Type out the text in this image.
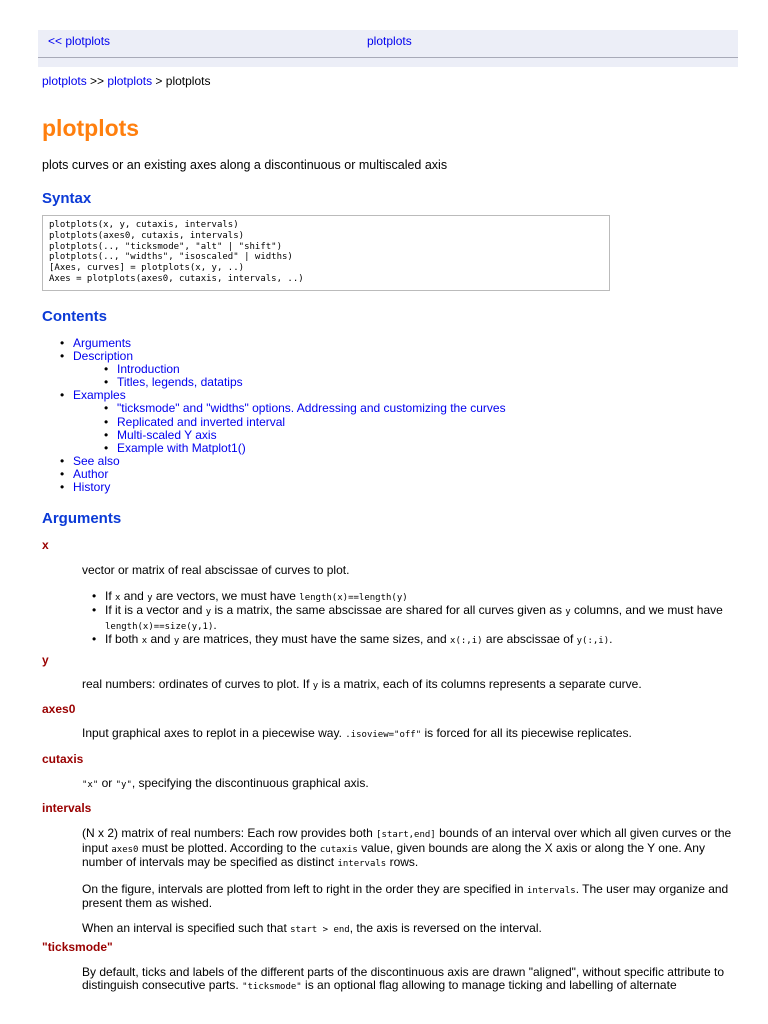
<< plotplots	plotplots
plotplots >> plotplots > plotplots
plotplots
plots curves or an existing axes along a discontinuous or multiscaled axis
Syntax
plotplots(x, y, cutaxis, intervals)
plotplots(axes0, cutaxis, intervals)
plotplots(.., "ticksmode", "alt" | "shift")
plotplots(.., "widths", "isoscaled" | widths)
[Axes, curves] = plotplots(x, y, ..)
Axes = plotplots(axes0, cutaxis, intervals, ..)
Contents
• Arguments
• Description
• Introduction
• Titles, legends, datatips
• Examples
• "ticksmode" and "widths" options. Addressing and customizing the curves
• Replicated and inverted interval
• Multi-scaled Y axis
• Example with Matplot1()
• See also
• Author
• History
Arguments
x

vector or matrix of real abscissae of curves to plot.

• If x and y are vectors, we must have length(x)==length(y)
• If it is a vector and y is a matrix, the same abscissae are shared for all curves given as y columns, and we must have length(x)==size(y,1).
• If both x and y are matrices, they must have the same sizes, and x(:,i) are abscissae of y(:,i).
y

real numbers: ordinates of curves to plot. If y is a matrix, each of its columns represents a separate curve.

axes0

Input graphical axes to replot in a piecewise way. .isoview="off" is forced for all its piecewise replicates.

cutaxis

"x" or "y", specifying the discontinuous graphical axis.

intervals

(N x 2) matrix of real numbers: Each row provides both [start,end] bounds of an interval over which all given curves or the input axes0 must be plotted. According to the cutaxis value, given bounds are along the X axis or along the Y one. Any number of intervals may be specified as distinct intervals rows.

On the figure, intervals are plotted from left to right in the order they are specified in intervals. The user may organize and present them as wished.

When an interval is specified such that start > end, the axis is reversed on the interval.

"ticksmode"

By default, ticks and labels of the different parts of the discontinuous axis are drawn "aligned", without specific attribute to distinguish consecutive parts. "ticksmode" is an optional flag allowing to manage ticking and labelling of alternate
